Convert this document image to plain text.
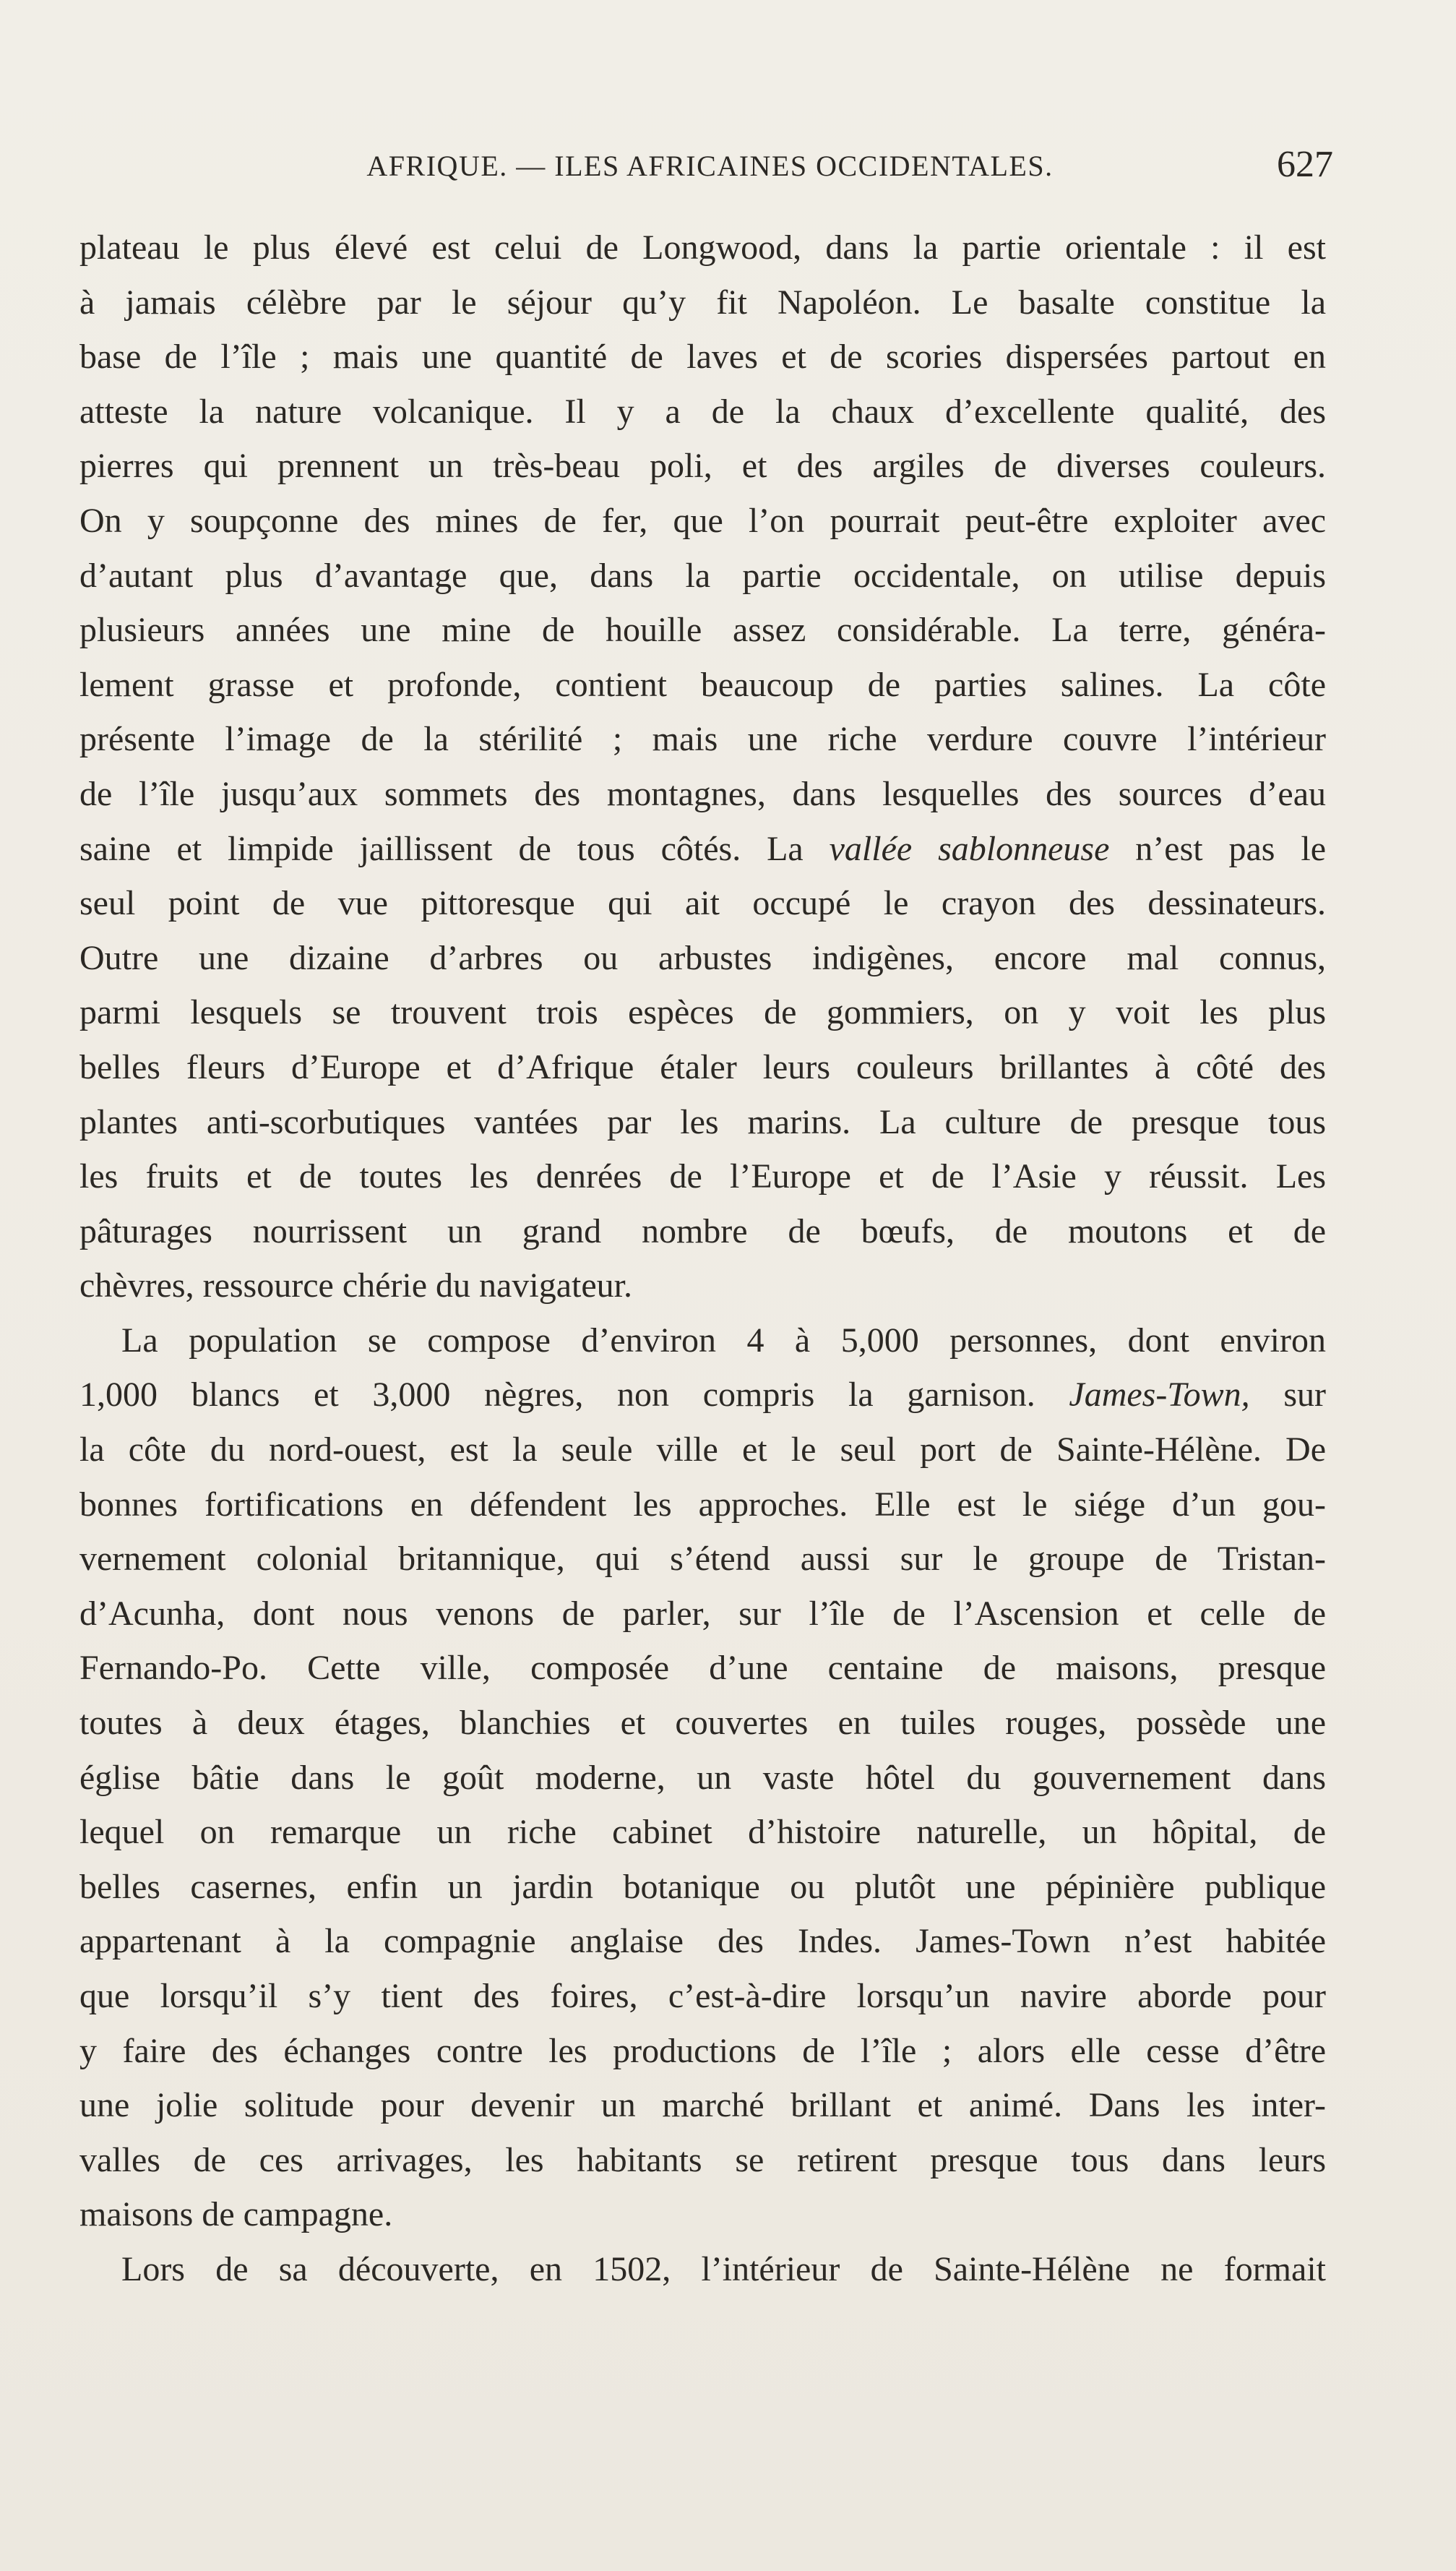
AFRIQUE. — ILES AFRICAINES OCCIDENTALES.	627
plateau le plus élevé est celui de Longwood, dans la partie orientale : il est
à jamais célèbre par le séjour qu’y fit Napoléon. Le basalte constitue la
base de l’île ; mais une quantité de laves et de scories dispersées partout en
atteste la nature volcanique. Il y a de la chaux d’excellente qualité, des
pierres qui prennent un très-beau poli, et des argiles de diverses couleurs.
On y soupçonne des mines de fer, que l’on pourrait peut-être exploiter avec
d’autant plus d’avantage que, dans la partie occidentale, on utilise depuis
plusieurs années une mine de houille assez considérable. La terre, généra-
lement grasse et profonde, contient beaucoup de parties salines. La côte
présente l’image de la stérilité ; mais une riche verdure couvre l’intérieur
de l’île jusqu’aux sommets des montagnes, dans lesquelles des sources d’eau
saine et limpide jaillissent de tous côtés. La vallée sablonneuse n’est pas le
seul point de vue pittoresque qui ait occupé le crayon des dessinateurs.
Outre une dizaine d’arbres ou arbustes indigènes, encore mal connus,
parmi lesquels se trouvent trois espèces de gommiers, on y voit les plus
belles fleurs d’Europe et d’Afrique étaler leurs couleurs brillantes à côté des
plantes anti-scorbutiques vantées par les marins. La culture de presque tous
les fruits et de toutes les denrées de l’Europe et de l’Asie y réussit. Les
pâturages nourrissent un grand nombre de bœufs, de moutons et de
chèvres, ressource chérie du navigateur.
La population se compose d’environ 4 à 5,000 personnes, dont environ
1,000 blancs et 3,000 nègres, non compris la garnison. James-Town, sur
la côte du nord-ouest, est la seule ville et le seul port de Sainte-Hélène. De
bonnes fortifications en défendent les approches. Elle est le siége d’un gou-
vernement colonial britannique, qui s’étend aussi sur le groupe de Tristan-
d’Acunha, dont nous venons de parler, sur l’île de l’Ascension et celle de
Fernando-Po. Cette ville, composée d’une centaine de maisons, presque
toutes à deux étages, blanchies et couvertes en tuiles rouges, possède une
église bâtie dans le goût moderne, un vaste hôtel du gouvernement dans
lequel on remarque un riche cabinet d’histoire naturelle, un hôpital, de
belles casernes, enfin un jardin botanique ou plutôt une pépinière publique
appartenant à la compagnie anglaise des Indes. James-Town n’est habitée
que lorsqu’il s’y tient des foires, c’est-à-dire lorsqu’un navire aborde pour
y faire des échanges contre les productions de l’île ; alors elle cesse d’être
une jolie solitude pour devenir un marché brillant et animé. Dans les inter-
valles de ces arrivages, les habitants se retirent presque tous dans leurs
maisons de campagne.
Lors de sa découverte, en 1502, l’intérieur de Sainte-Hélène ne formait
